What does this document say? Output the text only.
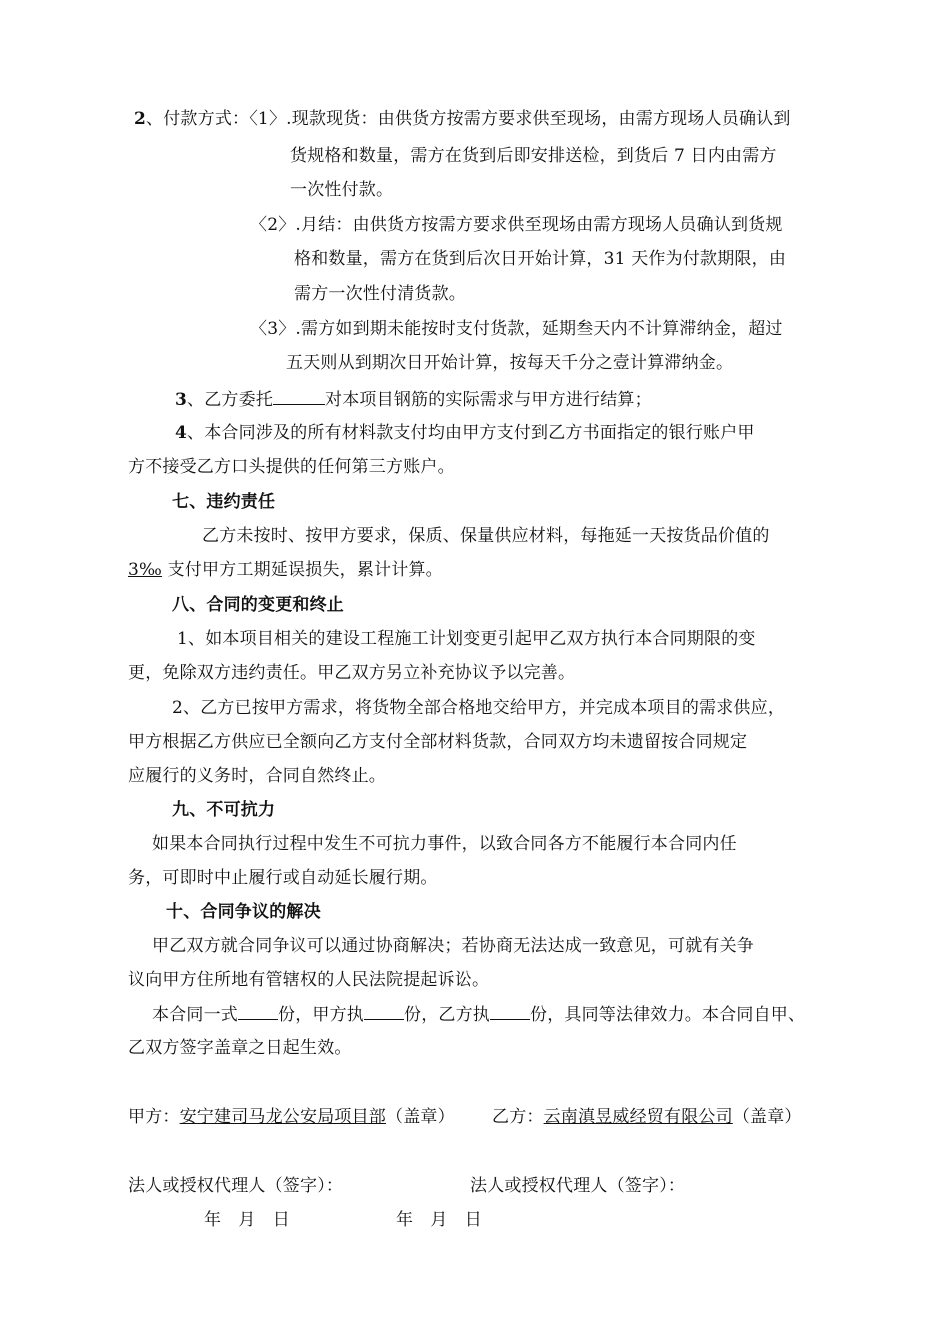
2、付款方式：〈1〉.现款现货：由供货方按需方要求供至现场，由需方现场人员确认到
货规格和数量，需方在货到后即安排送检，到货后 7 日内由需方
一次性付款。
〈2〉.月结：由供货方按需方要求供至现场由需方现场人员确认到货规
格和数量，需方在货到后次日开始计算，31 天作为付款期限，由
需方一次性付清货款。
〈3〉.需方如到期未能按时支付货款，延期叁天内不计算滞纳金，超过
五天则从到期次日开始计算，按每天千分之壹计算滞纳金。
3、乙方委托	对本项目钢筋的实际需求与甲方进行结算；
4、本合同涉及的所有材料款支付均由甲方支付到乙方书面指定的银行账户甲
方不接受乙方口头提供的任何第三方账户。
七、违约责任
乙方未按时、按甲方要求，保质、保量供应材料，每拖延一天按货品价值的
3‰ 支付甲方工期延误损失，累计计算。
八、合同的变更和终止
1、如本项目相关的建设工程施工计划变更引起甲乙双方执行本合同期限的变
更，免除双方违约责任。甲乙双方另立补充协议予以完善。
2、乙方已按甲方需求，将货物全部合格地交给甲方，并完成本项目的需求供应，
甲方根据乙方供应已全额向乙方支付全部材料货款，合同双方均未遗留按合同规定
应履行的义务时，合同自然终止。
九、不可抗力
如果本合同执行过程中发生不可抗力事件，以致合同各方不能履行本合同内任
务，可即时中止履行或自动延长履行期。
十、合同争议的解决
甲乙双方就合同争议可以通过协商解决；若协商无法达成一致意见，可就有关争
议向甲方住所地有管辖权的人民法院提起诉讼。
本合同一式 份，甲方执 份，乙方执 份，具同等法律效力。本合同自甲、
乙双方签字盖章之日起生效。
甲方：安宁建司马龙公安局项目部（盖章） 乙方：云南滇昱威经贸有限公司（盖章）
法人或授权代理人（签字）：	法人或授权代理人（签字）：
年　月　日	年　月　日
